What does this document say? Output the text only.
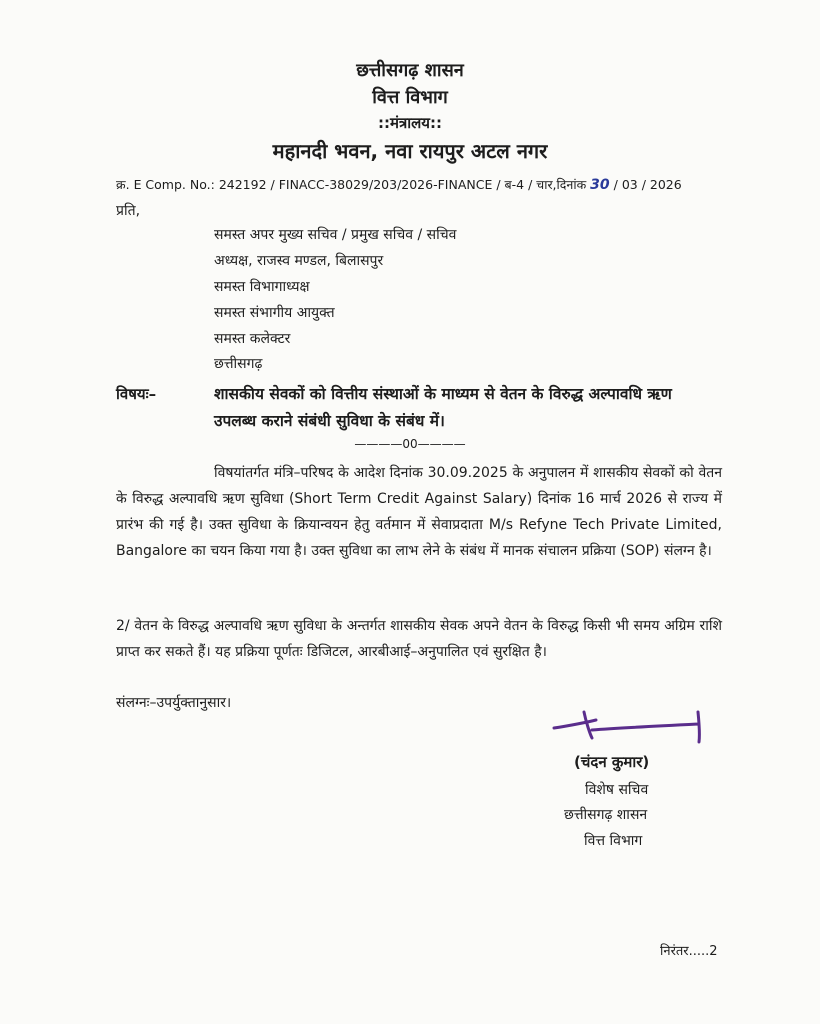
छत्तीसगढ़ शासन
वित्त विभाग
::मंत्रालय::
महानदी भवन, नवा रायपुर अटल नगर
क्र. E Comp. No.: 242192 / FINACC-38029/203/2026-FINANCE / ब-4 / चार,दिनांक 30 / 03 / 2026
प्रति,
समस्त अपर मुख्य सचिव / प्रमुख सचिव / सचिव
अध्यक्ष, राजस्व मण्डल, बिलासपुर
समस्त विभागाध्यक्ष
समस्त संभागीय आयुक्त
समस्त कलेक्टर
छत्तीसगढ़
विषयः–	शासकीय सेवकों को वित्तीय संस्थाओं के माध्यम से वेतन के विरुद्ध अल्पावधि ऋण उपलब्ध कराने संबंधी सुविधा के संबंध में।
————00————
विषयांतर्गत मंत्रि–परिषद के आदेश दिनांक 30.09.2025 के अनुपालन में शासकीय सेवकों को वेतन के विरुद्ध अल्पावधि ऋण सुविधा (Short Term Credit Against Salary) दिनांक 16 मार्च 2026 से राज्य में प्रारंभ की गई है। उक्त सुविधा के क्रियान्वयन हेतु वर्तमान में सेवाप्रदाता M/s Refyne Tech Private Limited, Bangalore का चयन किया गया है। उक्त सुविधा का लाभ लेने के संबंध में मानक संचालन प्रक्रिया (SOP) संलग्न है।
2/ वेतन के विरुद्ध अल्पावधि ऋण सुविधा के अन्तर्गत शासकीय सेवक अपने वेतन के विरुद्ध किसी भी समय अग्रिम राशि प्राप्त कर सकते हैं। यह प्रक्रिया पूर्णतः डिजिटल, आरबीआई–अनुपालित एवं सुरक्षित है।
संलग्नः–उपर्युक्तानुसार।
(चंदन कुमार)
विशेष सचिव
छत्तीसगढ़ शासन
वित्त विभाग
निरंतर.....2
